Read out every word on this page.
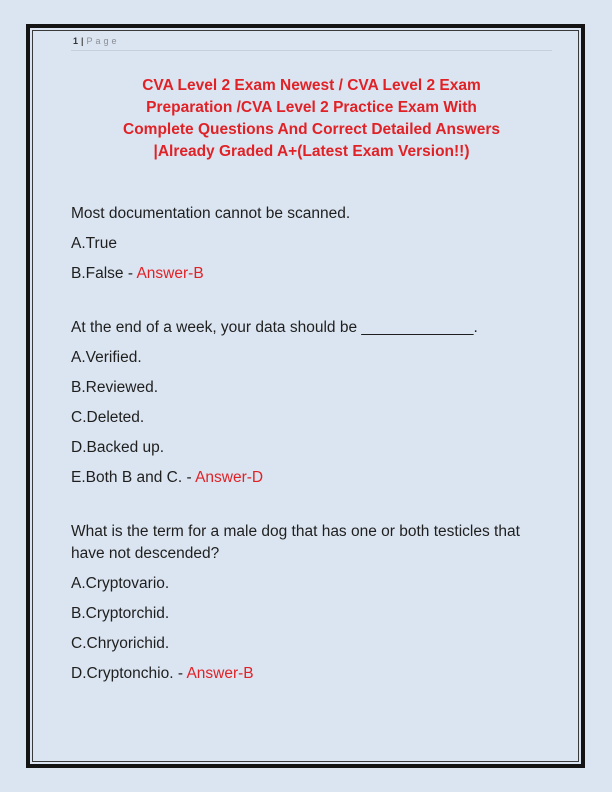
1 | Page
CVA Level 2 Exam Newest / CVA Level 2 Exam
Preparation /CVA Level 2 Practice Exam With
Complete Questions And Correct Detailed Answers
|Already Graded A+(Latest Exam Version!!)

Most documentation cannot be scanned.

A.True

B.False - Answer-B

At the end of a week, your data should be _____________.

A.Verified.

B.Reviewed.

C.Deleted.

D.Backed up.

E.Both B and C. - Answer-D

What is the term for a male dog that has one or both testicles that have not descended?

A.Cryptovario.

B.Cryptorchid.

C.Chryorichid.

D.Cryptonchio. - Answer-B
